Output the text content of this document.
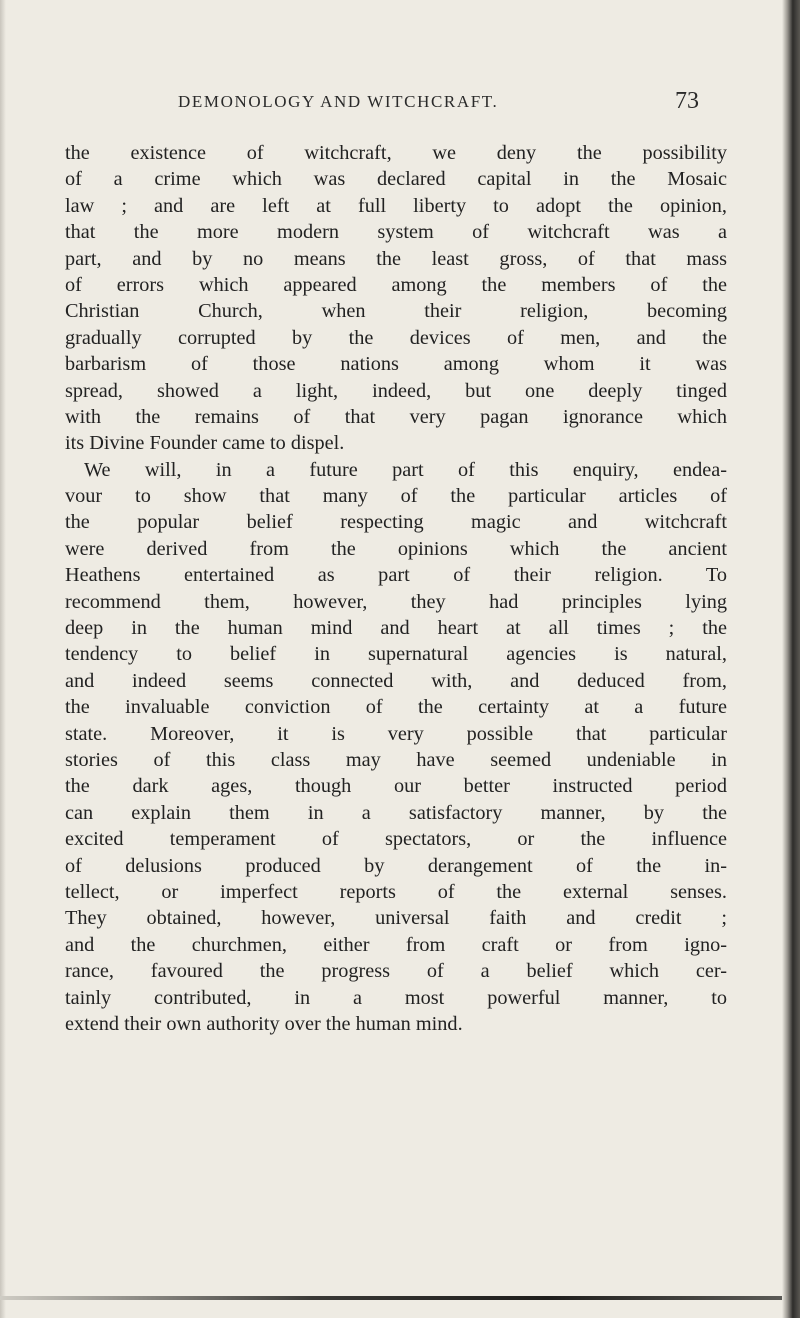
DEMONOLOGY AND WITCHCRAFT.	73
the existence of witchcraft, we deny the possibility
of a crime which was declared capital in the Mosaic
law ; and are left at full liberty to adopt the opinion,
that the more modern system of witchcraft was a
part, and by no means the least gross, of that mass
of errors which appeared among the members of the
Christian Church, when their religion, becoming
gradually corrupted by the devices of men, and the
barbarism of those nations among whom it was
spread, showed a light, indeed, but one deeply tinged
with the remains of that very pagan ignorance which
its Divine Founder came to dispel.
We will, in a future part of this enquiry, endea-
vour to show that many of the particular articles of
the popular belief respecting magic and witchcraft
were derived from the opinions which the ancient
Heathens entertained as part of their religion. To
recommend them, however, they had principles lying
deep in the human mind and heart at all times ; the
tendency to belief in supernatural agencies is natural,
and indeed seems connected with, and deduced from,
the invaluable conviction of the certainty at a future
state. Moreover, it is very possible that particular
stories of this class may have seemed undeniable in
the dark ages, though our better instructed period
can explain them in a satisfactory manner, by the
excited temperament of spectators, or the influence
of delusions produced by derangement of the in-
tellect, or imperfect reports of the external senses.
They obtained, however, universal faith and credit ;
and the churchmen, either from craft or from igno-
rance, favoured the progress of a belief which cer-
tainly contributed, in a most powerful manner, to
extend their own authority over the human mind.
